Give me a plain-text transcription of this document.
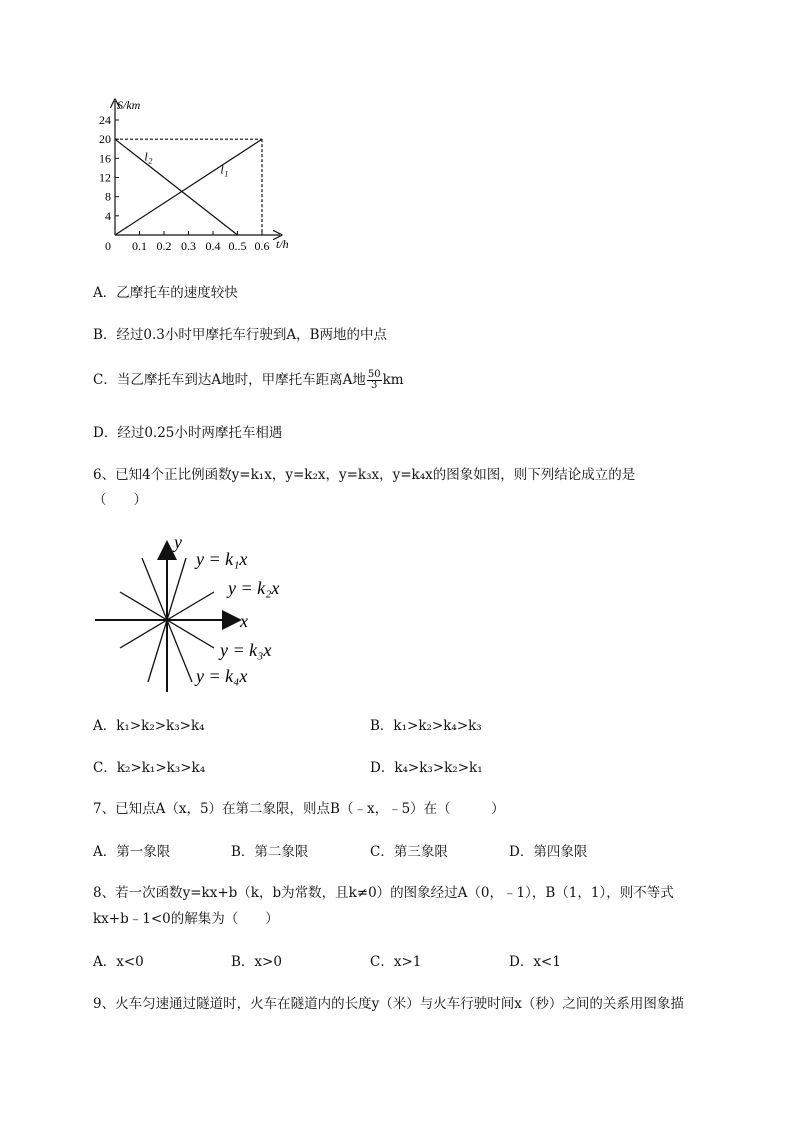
4
8
12
16
20
24
0 0.1 0.2 0.3 0.4 0..5 0.6
S/km
t/h
l 1
l 2
A．乙摩托车的速度较快
B．经过0.3小时甲摩托车行驶到A，B两地的中点
C．当乙摩托车到达A地时，甲摩托车距离A地 $\frac{50}{3}$ km
D．经过0.25小时两摩托车相遇
6、已知4个正比例函数y=k₁x，y=k₂x，y=k₃x，y=k₄x的图象如图，则下列结论成立的是
（　　）
y
x
y = k₁x
y = k₂x
y = k₃x
y = k₄x
A．k₁>k₂>k₃>k₄	B．k₁>k₂>k₄>k₃
C．k₂>k₁>k₃>k₄	D．k₄>k₃>k₂>k₁
7、已知点A（x，5）在第二象限，则点B（﹣x，﹣5）在（　　　）
A．第一象限	B．第二象限	C．第三象限	D．第四象限
8、若一次函数y=kx+b（k，b为常数，且k≠0）的图象经过A（0，﹣1），B（1，1），则不等式
kx+b﹣1<0的解集为（　　）
A．x<0	B．x>0	C．x>1	D．x<1
9、火车匀速通过隧道时，火车在隧道内的长度y（米）与火车行驶时间x（秒）之间的关系用图象描
